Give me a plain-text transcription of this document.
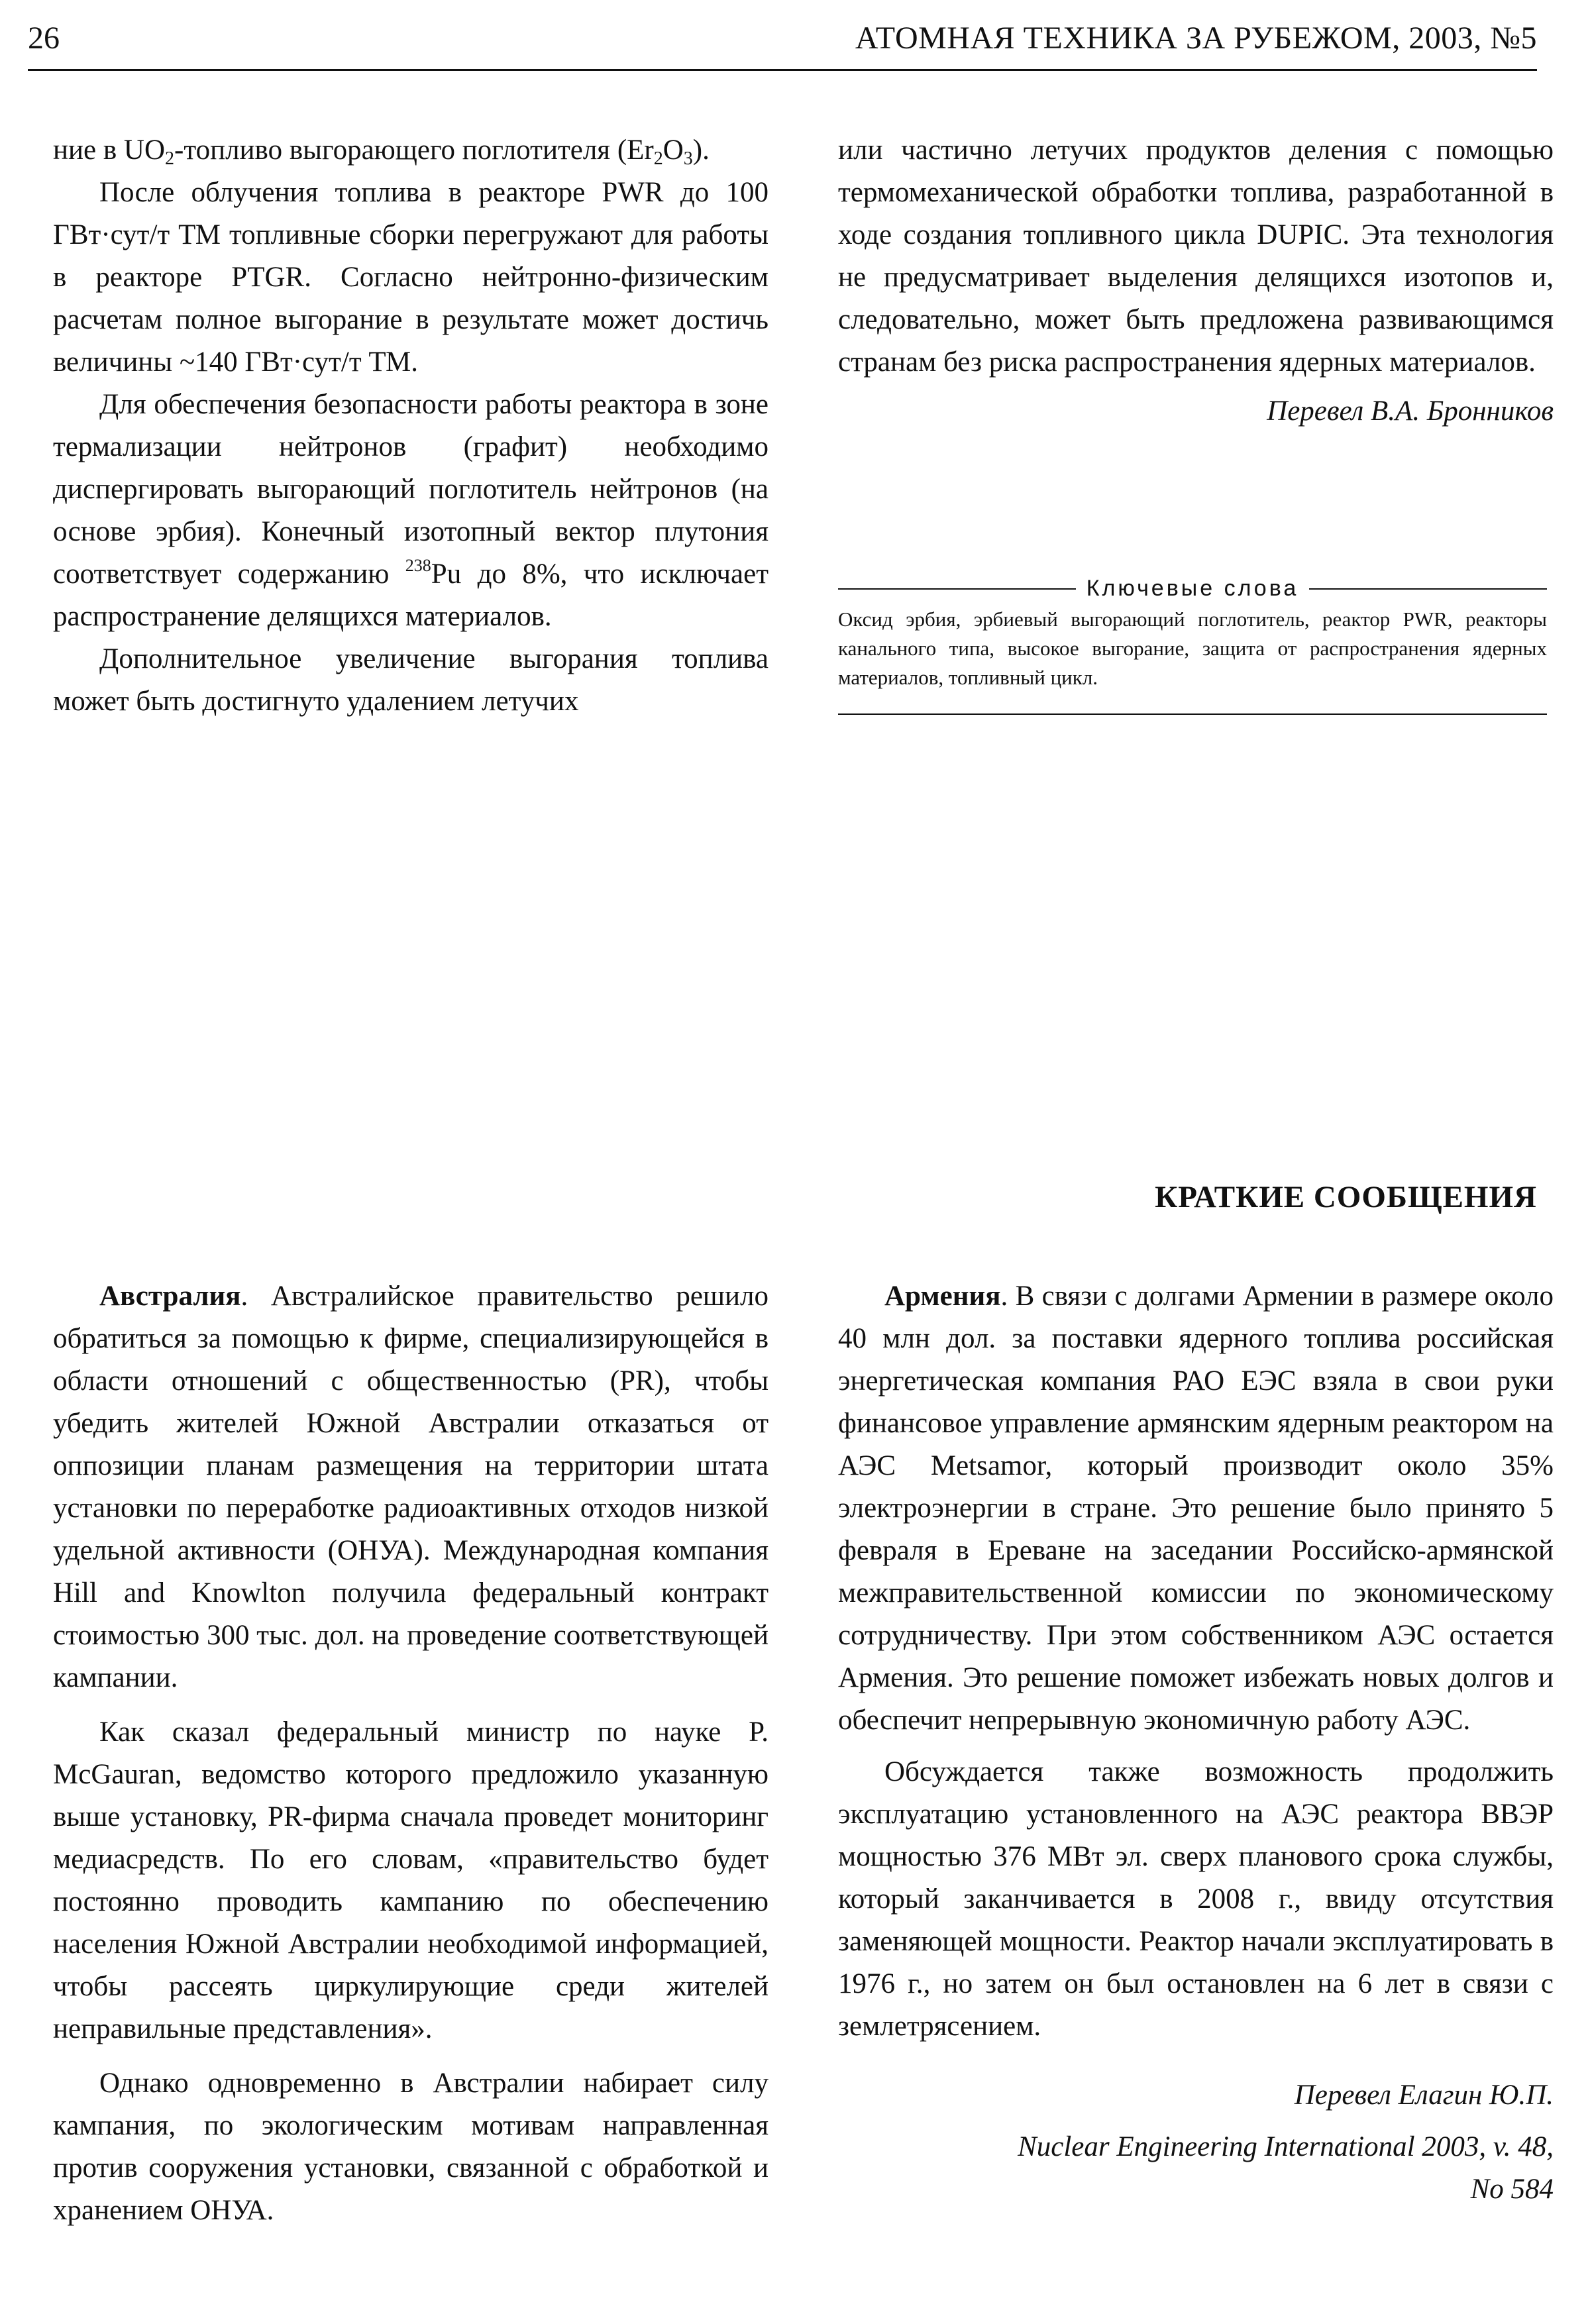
26	АТОМНАЯ ТЕХНИКА ЗА РУБЕЖОМ, 2003, №5

ние в $UO_2$-топливо выгорающего поглотителя $(Er_2O_3)$.

После облучения топлива в реакторе PWR до 100 ГВт·сут/т ТМ топливные сборки перегружают для работы в реакторе PTGR. Согласно нейтронно-физическим расчетам полное выгорание в результате может достичь величины ~140 ГВт·сут/т ТМ.

Для обеспечения безопасности работы реактора в зоне термализации нейтронов (графит) необходимо диспергировать выгорающий поглотитель нейтронов (на основе эрбия). Конечный изотопный вектор плутония соответствует содержанию $^{238}$Pu до 8%, что исключает распространение делящихся материалов.

Дополнительное увеличение выгорания топлива может быть достигнуто удалением летучих

или частично летучих продуктов деления с помощью термомеханической обработки топлива, разработанной в ходе создания топливного цикла DUPIC. Эта технология не предусматривает выделения делящихся изотопов и, следовательно, может быть предложена развивающимся странам без риска распространения ядерных материалов.

Перевел В.А. Бронников

Ключевые слова
Оксид эрбия, эрбиевый выгорающий поглотитель, реактор PWR, реакторы канального типа, высокое выгорание, защита от распространения ядерных материалов, топливный цикл.
КРАТКИЕ СООБЩЕНИЯ

Австралия. Австралийское правительство решило обратиться за помощью к фирме, специализирующейся в области отношений с общественностью (PR), чтобы убедить жителей Южной Австралии отказаться от оппозиции планам размещения на территории штата установки по переработке радиоактивных отходов низкой удельной активности (ОНУА). Международная компания Hill and Knowlton получила федеральный контракт стоимостью 300 тыс. дол. на проведение соответствующей кампании.

Как сказал федеральный министр по науке P. McGauran, ведомство которого предложило указанную выше установку, PR-фирма сначала проведет мониторинг медиасредств. По его словам, «правительство будет постоянно проводить кампанию по обеспечению населения Южной Австралии необходимой информацией, чтобы рассеять циркулирующие среди жителей неправильные представления».

Однако одновременно в Австралии набирает силу кампания, по экологическим мотивам направленная против сооружения установки, связанной с обработкой и хранением ОНУА.

Армения. В связи с долгами Армении в размере около 40 млн дол. за поставки ядерного топлива российская энергетическая компания РАО ЕЭС взяла в свои руки финансовое управление армянским ядерным реактором на АЭС Metsamor, который производит около 35% электроэнергии в стране. Это решение было принято 5 февраля в Ереване на заседании Российско-армянской межправительственной комиссии по экономическому сотрудничеству. При этом собственником АЭС остается Армения. Это решение поможет избежать новых долгов и обеспечит непрерывную экономичную работу АЭС.

Обсуждается также возможность продолжить эксплуатацию установленного на АЭС реактора ВВЭР мощностью 376 МВт эл. сверх планового срока службы, который заканчивается в 2008 г., ввиду отсутствия заменяющей мощности. Реактор начали эксплуатировать в 1976 г., но затем он был остановлен на 6 лет в связи с землетрясением.

Перевел Елагин Ю.П.

Nuclear Engineering International 2003, v. 48,

No 584
